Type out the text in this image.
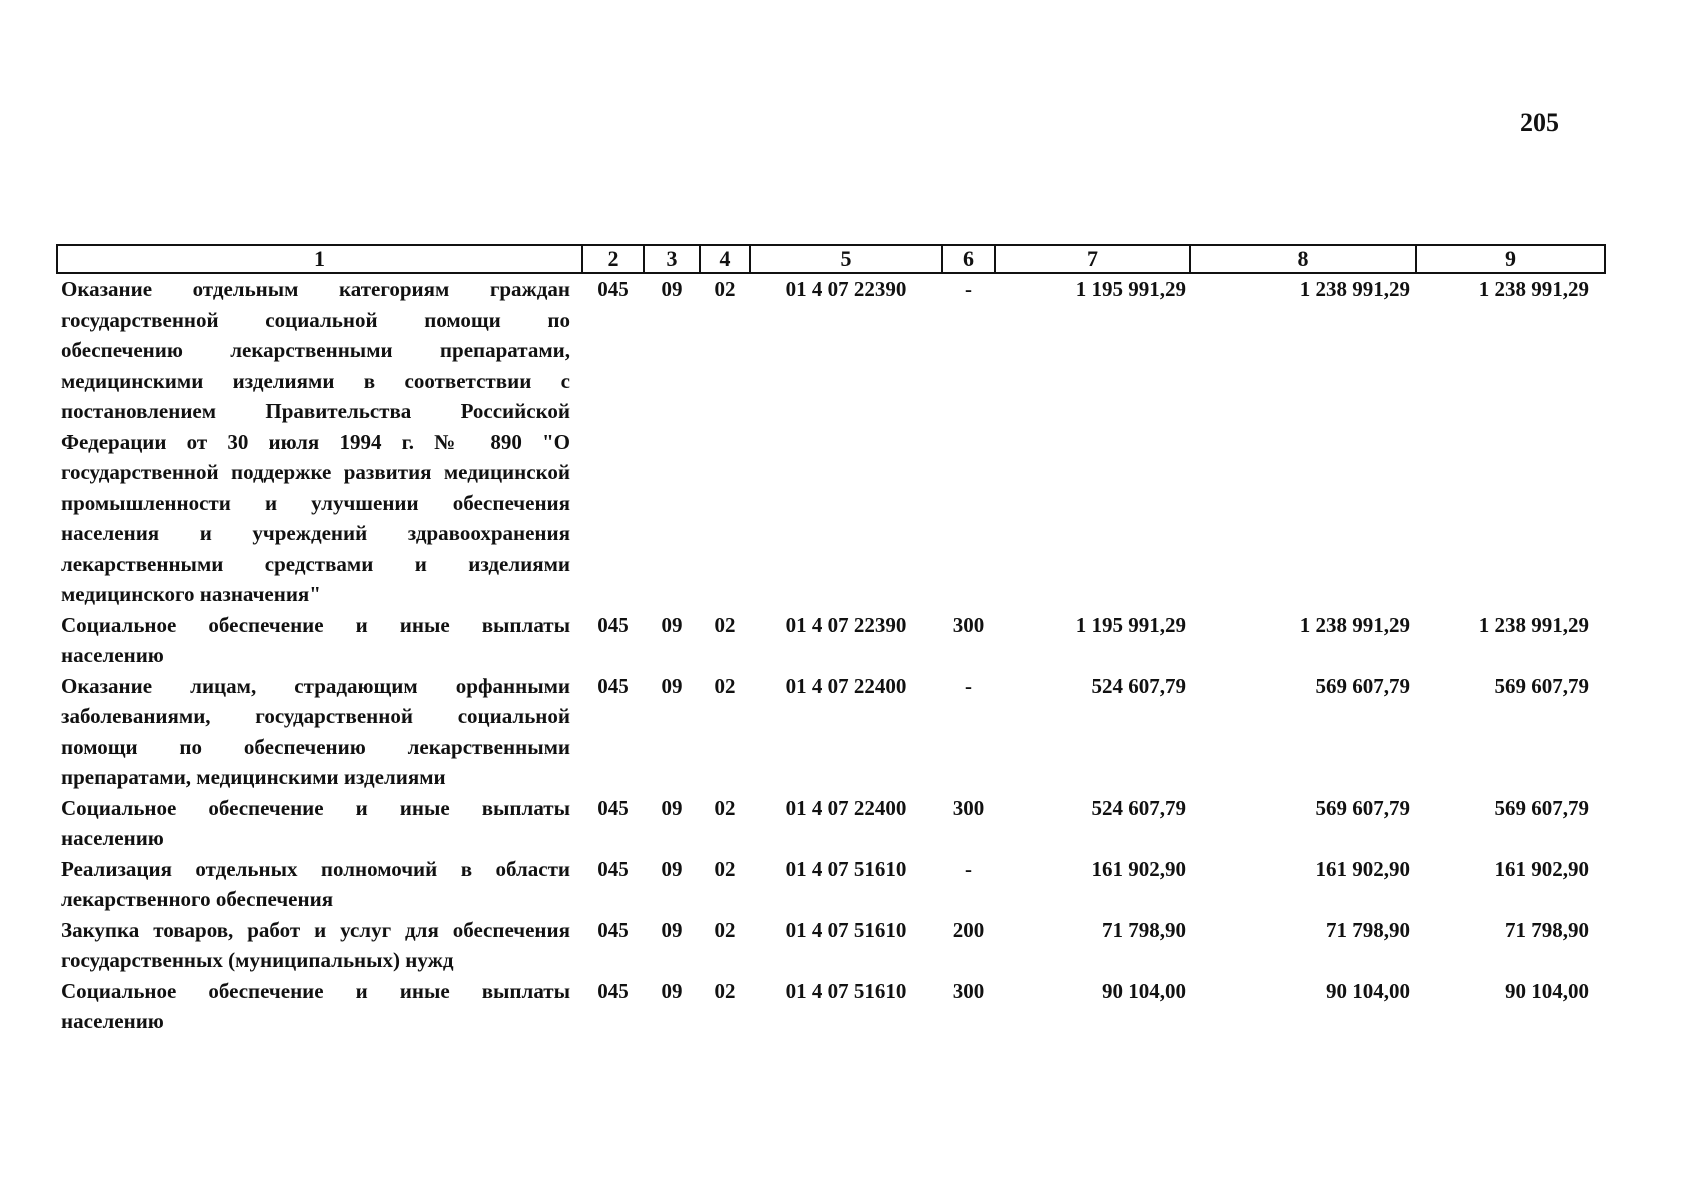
205
1	2	3	4	5	6	7	8	9
Оказание отдельным категориям граждан государственной социальной помощи по обеспечению лекарственными препаратами, медицинскими изделиями в соответствии с постановлением Правительства Российской Федерации от 30 июля 1994 г. № 890 "О государственной поддержке развития медицинской промышленности и улучшении обеспечения населения и учреждений здравоохранения лекарственными средствами и изделиями медицинского назначения"	045	09	02	01 4 07 22390	-	1 195 991,29	1 238 991,29	1 238 991,29
Социальное обеспечение и иные выплаты населению	045	09	02	01 4 07 22390	300	1 195 991,29	1 238 991,29	1 238 991,29
Оказание лицам, страдающим орфанными заболеваниями, государственной социальной помощи по обеспечению лекарственными препаратами, медицинскими изделиями	045	09	02	01 4 07 22400	-	524 607,79	569 607,79	569 607,79
Социальное обеспечение и иные выплаты населению	045	09	02	01 4 07 22400	300	524 607,79	569 607,79	569 607,79
Реализация отдельных полномочий в области лекарственного обеспечения	045	09	02	01 4 07 51610	-	161 902,90	161 902,90	161 902,90
Закупка товаров, работ и услуг для обеспечения государственных (муниципальных) нужд	045	09	02	01 4 07 51610	200	71 798,90	71 798,90	71 798,90
Социальное обеспечение и иные выплаты населению	045	09	02	01 4 07 51610	300	90 104,00	90 104,00	90 104,00
